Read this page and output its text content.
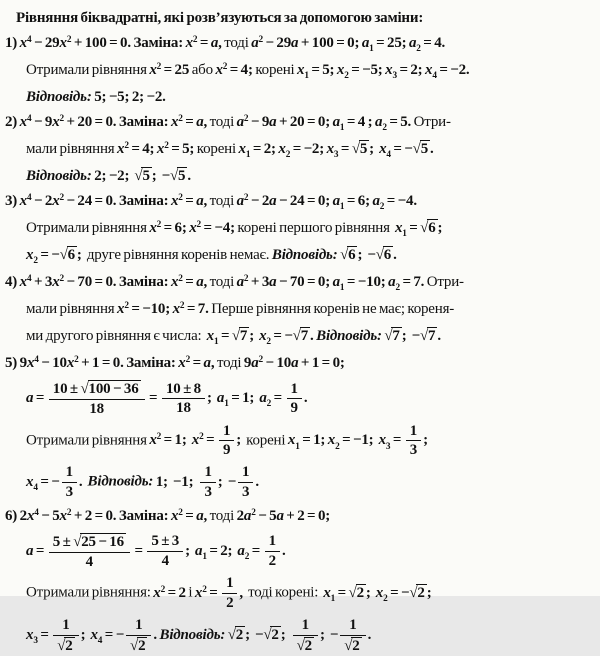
Рівняння біквадратні, які розв’язуються за допомогою заміни:
1) $x^4 - 29x^2 + 100 = 0$. Заміна: $x^2 = a$, тоді $a^2 - 29a + 100 = 0$; $a_1 = 25$; $a_2 = 4$.
Отримали рівняння $x^2 = 25$ або $x^2 = 4$; корені $x_1 = 5$; $x_2 = -5$; $x_3 = 2$; $x_4 = -2$.
Відповідь: 5; −5; 2; −2.
2) $x^4 - 9x^2 + 20 = 0$. Заміна: $x^2 = a$, тоді $a^2 - 9a + 20 = 0$; $a_1 = 4$ ; $a_2 = 5$. Отри-
мали рівняння $x^2 = 4$; $x^2 = 5$; корені $x_1 = 2$; $x_2 = -2$; $x_3 = √5$ ; $x_4 = -√5$ .
Відповідь: 2; −2;  √5 ;  −√5 .
3) $x^4 - 2x^2 - 24 = 0$. Заміна: $x^2 = a$, тоді $a^2 - 2a - 24 = 0$; $a_1 = 6$; $a_2 = -4$.
Отримали рівняння $x^2 = 6$; $x^2 = -4$; корені першого рівняння  $x_1 = √6$ ;
$x_2 = -√6$ ;  друге рівняння коренів немає. Відповідь: √6 ; −√6 .
4) $x^4 + 3x^2 - 70 = 0$. Заміна: $x^2 = a$, тоді $a^2 + 3a - 70 = 0$; $a_1 = -10$; $a_2 = 7$. Отри-
мали рівняння $x^2 = -10$; $x^2 = 7$. Перше рівняння коренів не має; кореня-
ми другого рівняння є числа:  $x_1 = √7$ ; $x_2 = -√7$ . Відповідь: √7 ; −√7 .
5) $9x^4 - 10x^2 + 1 = 0$. Заміна: $x^2 = a$, тоді $9a^2 - 10a + 1 = 0$;
$a = \frac{10 \pm √100 - 36}{18} = \frac{10 \pm 8}{18}$ ; $a_1 = 1$; $a_2 = \frac{1}{9}$ .
Отримали рівняння $x^2 = 1$; $x^2 = \frac{1}{9}$ ;  корені $x_1 = 1$; $x_2 = -1$; $x_3 = \frac{1}{3}$ ;
$x_4$ = − $\frac{1}{3}$ . Відповідь: 1;  −1; $\frac{1}{3}$ ;  − $\frac{1}{3}$ .
6) $2x^4 - 5x^2 + 2 = 0$. Заміна: $x^2 = a$, тоді $2a^2 - 5a + 2 = 0$;
$a = \frac{5 \pm √25 - 16}{4} = \frac{5 \pm 3}{4}$ ; $a_1 = 2$; $a_2 = \frac{1}{2}$ .
Отримали рівняння: $x^2 = 2$ і $x^2 = \frac{1}{2}$ ,  тоді корені:  $x_1 = √2$ ; $x_2 = -√2$ ;
$x_3 = \frac{1}{√2}$ ; $x_4$ = − $\frac{1}{√2}$ . Відповідь: √2 ; −√2 ; $\frac{1}{√2}$ ; − $\frac{1}{√2}$ .
